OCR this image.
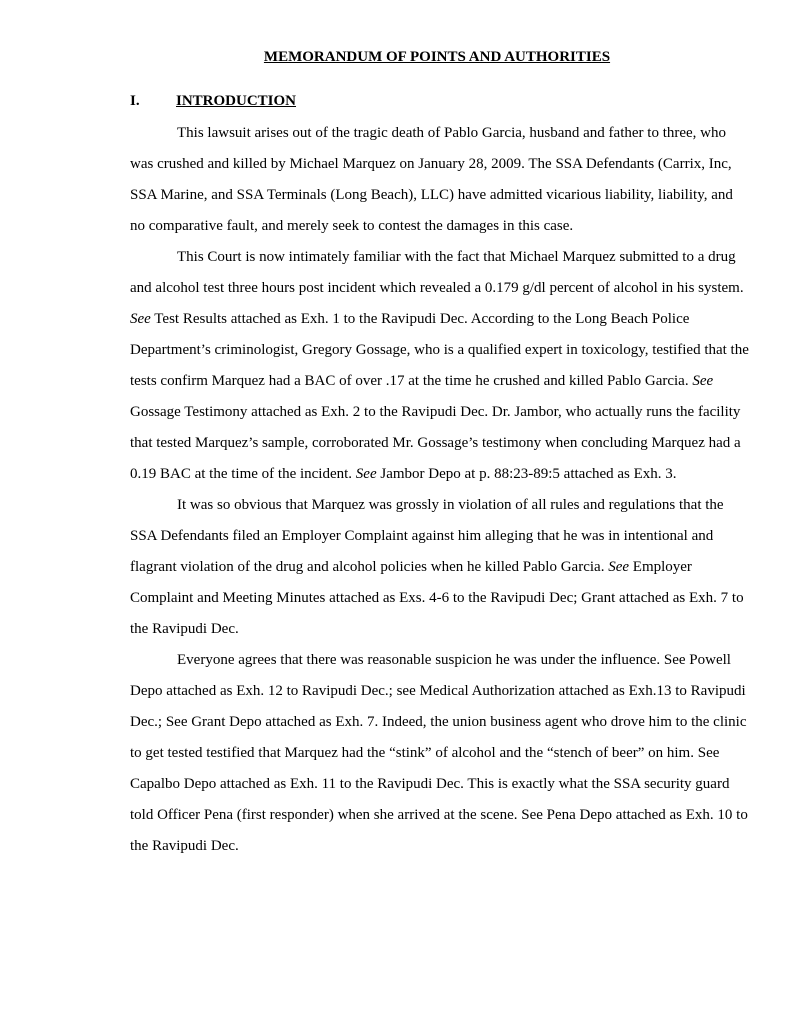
MEMORANDUM OF POINTS AND AUTHORITIES
I. INTRODUCTION

This lawsuit arises out of the tragic death of Pablo Garcia, husband and father to three, who was crushed and killed by Michael Marquez on January 28, 2009. The SSA Defendants (Carrix, Inc, SSA Marine, and SSA Terminals (Long Beach), LLC) have admitted vicarious liability, liability, and no comparative fault, and merely seek to contest the damages in this case.

This Court is now intimately familiar with the fact that Michael Marquez submitted to a drug and alcohol test three hours post incident which revealed a 0.179 g/dl percent of alcohol in his system. See Test Results attached as Exh. 1 to the Ravipudi Dec. According to the Long Beach Police Department’s criminologist, Gregory Gossage, who is a qualified expert in toxicology, testified that the tests confirm Marquez had a BAC of over .17 at the time he crushed and killed Pablo Garcia. See Gossage Testimony attached as Exh. 2 to the Ravipudi Dec. Dr. Jambor, who actually runs the facility that tested Marquez’s sample, corroborated Mr. Gossage’s testimony when concluding Marquez had a 0.19 BAC at the time of the incident. See Jambor Depo at p. 88:23-89:5 attached as Exh. 3.

It was so obvious that Marquez was grossly in violation of all rules and regulations that the SSA Defendants filed an Employer Complaint against him alleging that he was in intentional and flagrant violation of the drug and alcohol policies when he killed Pablo Garcia. See Employer Complaint and Meeting Minutes attached as Exs. 4-6 to the Ravipudi Dec; Grant attached as Exh. 7 to the Ravipudi Dec.

Everyone agrees that there was reasonable suspicion he was under the influence. See Powell Depo attached as Exh. 12 to Ravipudi Dec.; see Medical Authorization attached as Exh.13 to Ravipudi Dec.; See Grant Depo attached as Exh. 7. Indeed, the union business agent who drove him to the clinic to get tested testified that Marquez had the “stink” of alcohol and the “stench of beer” on him. See Capalbo Depo attached as Exh. 11 to the Ravipudi Dec. This is exactly what the SSA security guard told Officer Pena (first responder) when she arrived at the scene. See Pena Depo attached as Exh. 10 to the Ravipudi Dec.
